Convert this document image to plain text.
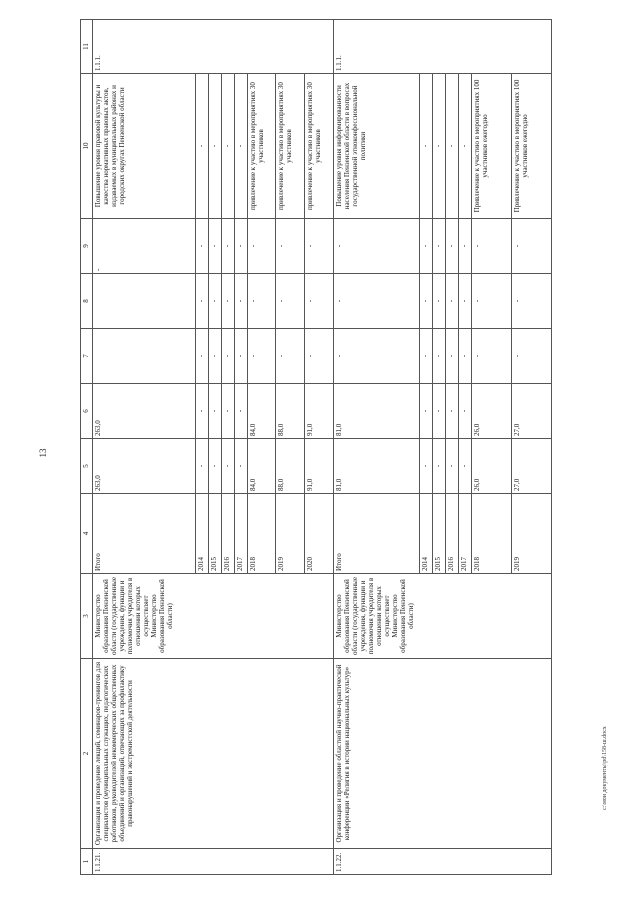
13
1	2	3	4	5	6	7	8	9	10	11
1.1.21.	Организация и проведение лекций, семинаров-тренингов для специалистов (муниципальных служащих, педагогических работников, руководителей некоммерческих общественных объединений и организаций, отвечающих за профилактику правонарушений и экстремистской деятельности	Министерство образования Пензенской области (государственные учреждения, функции и полномочия учредителя в отношении которых осуществляет Министерство образования Пензенской области)	Итого	263,0	263,0			-	Повышение уровня правовой культуры и качества нормативных правовых актов, издаваемых в муниципальных районах и городских округах Пензенской области	1.1.1.
			2014	-	-	-	-	-	-	
			2015	-	-	-	-	-	-	
			2016	-	-	-	-	-	-	
			2017	-	-	-	-	-	-	
			2018	84,0	84,0	-	-	-	привлечение к участию в мероприятиях 30 участников	
			2019	88,0	88,0	-	-	-	привлечение к участию в мероприятиях 30 участников	
			2020	91,0	91,0	-	-	-	привлечение к участию в мероприятиях 30 участников	
1.1.22.	Организация и проведение областной научно-практической конференции «Религия в истории национальных культур»	Министерство образования Пензенской области (государственные учреждения, функции и полномочия учредителя в отношении которых осуществляет Министерство образования Пензенской области)	Итого	81,0	81,0	-	-	-	Повышение уровня информированности населения Пензенской области в вопросах государственной этноконфессиональной политики	1.1.1.
			2014	-	-	-	-	-	-	
			2015	-	-	-	-	-	-	
			2016	-	-	-	-	-	-	
			2017	-	-	-	-	-	-	
			2018	26,0	26,0	-	-	-	Привлечение к участию в мероприятиях 100 участников ежегодно	
			2019	27,0	27,0	-	-	-	Привлечение к участию в мероприятиях 100 участников ежегодно	
c:\мои документы\pd\158-ш.docx
